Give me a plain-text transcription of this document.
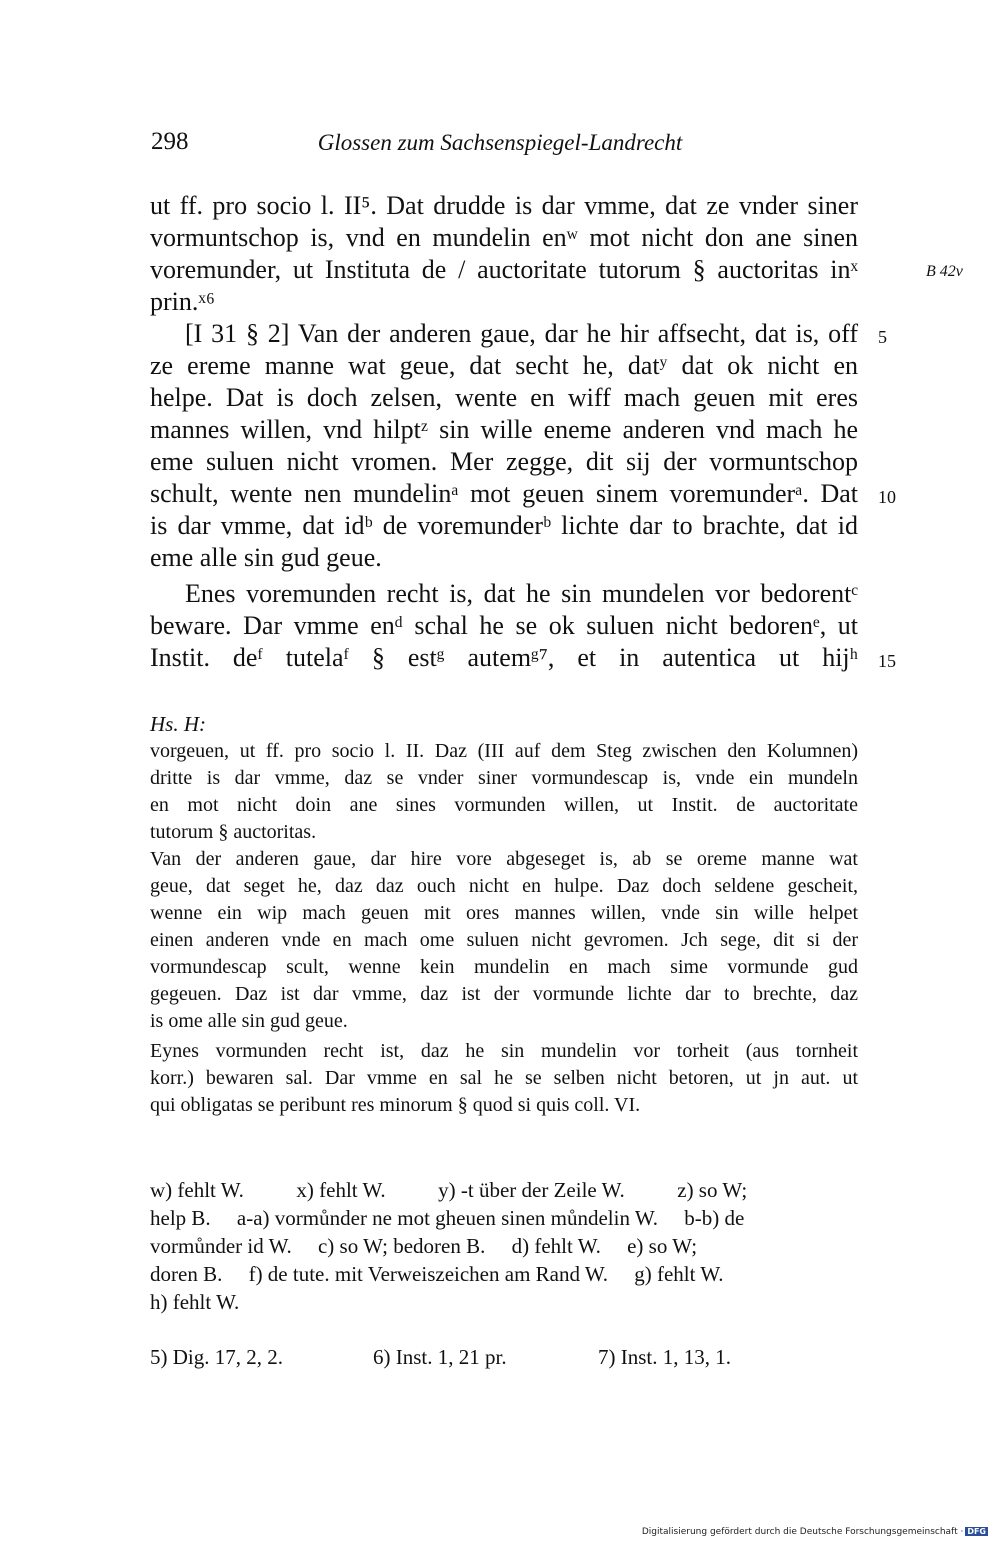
298	Glossen zum Sachsenspiegel-Landrecht
ut ff. pro socio l. II⁵. Dat drudde is dar vmme, dat ze vnder siner
vormuntschop is, vnd en mundelin enʷ mot nicht don ane sinen
voremunder, ut Instituta de / auctoritate tutorum § auctoritas inˣ
prin.ˣ⁶
[I 31 § 2] Van der anderen gaue, dar he hir affsecht, dat is, off
ze ereme manne wat geue, dat secht he, datʸ dat ok nicht en
helpe. Dat is doch zelsen, wente en wiff mach geuen mit eres
mannes willen, vnd hilptᶻ sin wille eneme anderen vnd mach he
eme suluen nicht vromen. Mer zegge, dit sij der vormuntschop
schult, wente nen mundelinᵃ mot geuen sinem voremunderᵃ. Dat
is dar vmme, dat idᵇ de voremunderᵇ lichte dar to brachte, dat id
eme alle sin gud geue.
Enes voremunden recht is, dat he sin mundelen vor bedorentᶜ
beware. Dar vmme enᵈ schal he se ok suluen nicht bedorenᵉ, ut
Instit. deᶠ tutelaᶠ § estᵍ autemᵍ⁷, et in autentica ut hijʰ
5
10
15
B 42v
Hs. H:
vorgeuen, ut ff. pro socio l. II. Daz (III auf dem Steg zwischen den Kolumnen)
dritte is dar vmme, daz se vnder siner vormundescap is, vnde ein mundeln
en mot nicht doin ane sines vormunden willen, ut Instit. de auctoritate
tutorum § auctoritas.
Van der anderen gaue, dar hire vore abgeseget is, ab se oreme manne wat
geue, dat seget he, daz daz ouch nicht en hulpe. Daz doch seldene gescheit,
wenne ein wip mach geuen mit ores mannes willen, vnde sin wille helpet
einen anderen vnde en mach ome suluen nicht gevromen. Jch sege, dit si der
vormundescap scult, wenne kein mundelin en mach sime vormunde gud
gegeuen. Daz ist dar vmme, daz ist der vormunde lichte dar to brechte, daz
is ome alle sin gud geue.
Eynes vormunden recht ist, daz he sin mundelin vor torheit (aus tornheit
korr.) bewaren sal. Dar vmme en sal he se selben nicht betoren, ut jn aut. ut
qui obligatas se peribunt res minorum § quod si quis coll. VI.
w) fehlt W.          x) fehlt W.          y) -t über der Zeile W.          z) so W;
help B.     a-a) vormůnder ne mot gheuen sinen můndelin W.     b-b) de
vormůnder id W.     c) so W; bedoren B.     d) fehlt W.     e) so W;
doren B.     f) de tute. mit Verweiszeichen am Rand W.     g) fehlt W.
h) fehlt W.
5) Dig. 17, 2, 2.	6) Inst. 1, 21 pr.	7) Inst. 1, 13, 1.
Digitalisierung gefördert durch die Deutsche Forschungsgemeinschaft · DFG
